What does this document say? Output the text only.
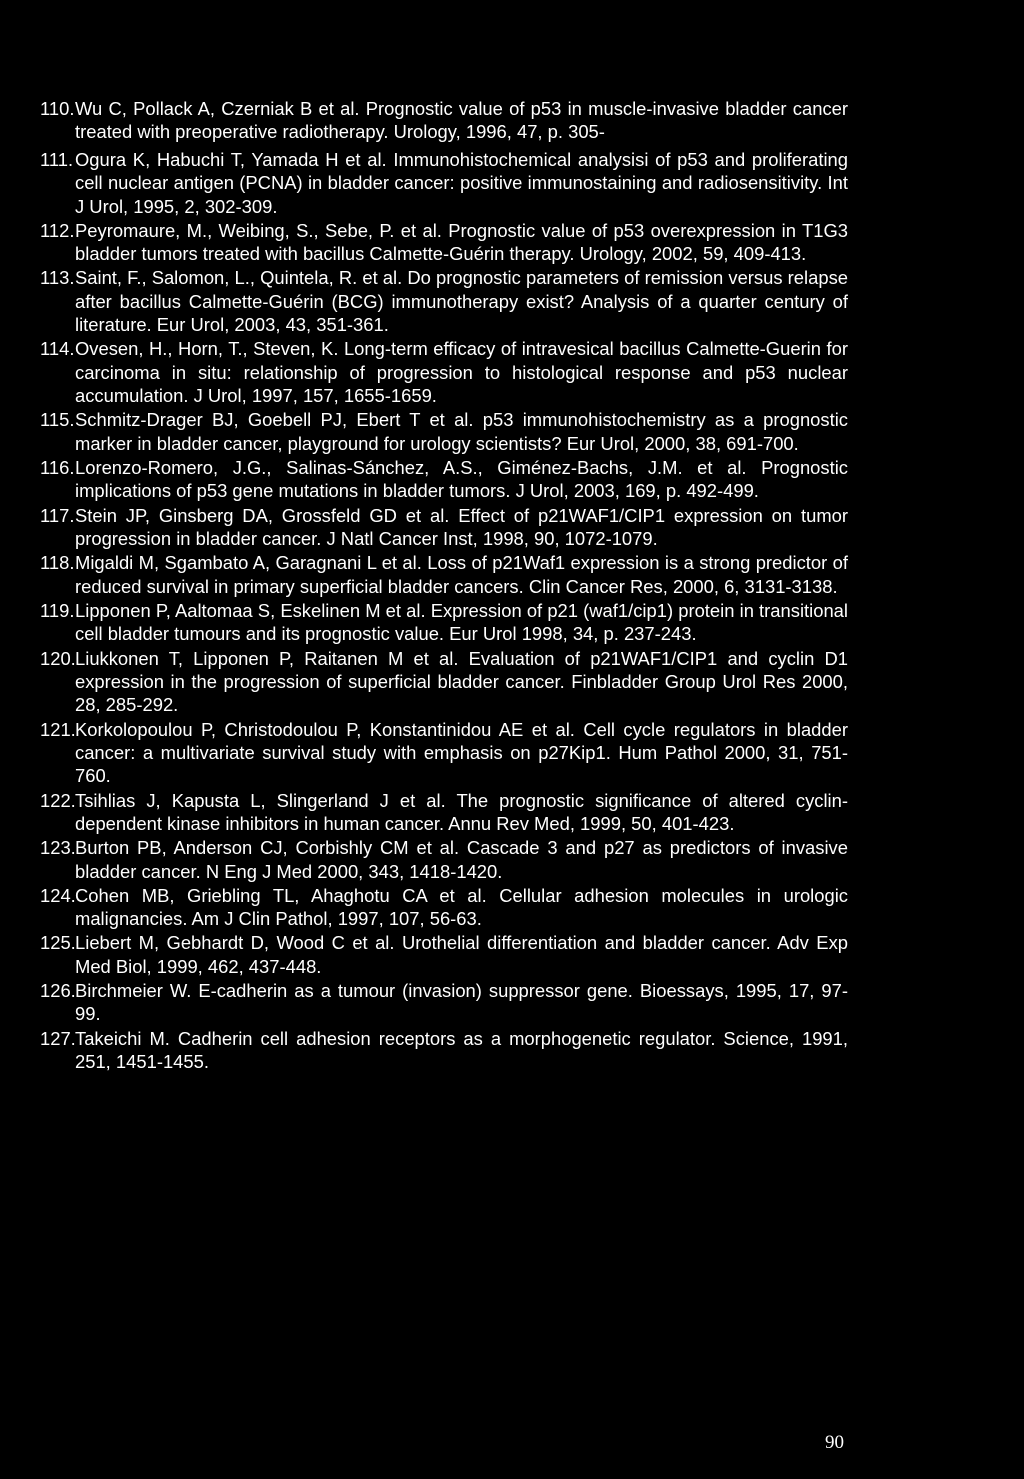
110. Wu C, Pollack A, Czerniak B et al. Prognostic value of p53 in muscle-invasive bladder cancer treated with preoperative radiotherapy. Urology, 1996, 47, p. 305-
111. Ogura K, Habuchi T, Yamada H et al. Immunohistochemical analysisi of p53 and proliferating cell nuclear antigen (PCNA) in bladder cancer: positive immunostaining and radiosensitivity. Int J Urol, 1995, 2, 302-309.
112. Peyromaure, M., Weibing, S., Sebe, P. et al. Prognostic value of p53 overexpression in T1G3 bladder tumors treated with bacillus Calmette-Guérin therapy. Urology, 2002, 59, 409-413.
113. Saint, F., Salomon, L., Quintela, R. et al. Do prognostic parameters of remission versus relapse after bacillus Calmette-Guérin (BCG) immunotherapy exist? Analysis of a quarter century of literature. Eur Urol, 2003, 43, 351-361.
114. Ovesen, H., Horn, T., Steven, K. Long-term efficacy of intravesical bacillus Calmette-Guerin for carcinoma in situ: relationship of progression to histological response and p53 nuclear accumulation. J Urol, 1997, 157, 1655-1659.
115. Schmitz-Drager BJ, Goebell PJ, Ebert T et al. p53 immunohistochemistry as a prognostic marker in bladder cancer, playground for urology scientists? Eur Urol, 2000, 38, 691-700.
116. Lorenzo-Romero, J.G., Salinas-Sánchez, A.S., Giménez-Bachs, J.M. et al. Prognostic implications of p53 gene mutations in bladder tumors. J Urol, 2003, 169, p. 492-499.
117. Stein JP, Ginsberg DA, Grossfeld GD et al. Effect of p21WAF1/CIP1 expression on tumor progression in bladder cancer. J Natl Cancer Inst, 1998, 90, 1072-1079.
118. Migaldi M, Sgambato A, Garagnani L et al. Loss of p21Waf1 expression is a strong predictor of reduced survival in primary superficial bladder cancers. Clin Cancer Res, 2000, 6, 3131-3138.
119. Lipponen P, Aaltomaa S, Eskelinen M et al. Expression of p21 (waf1/cip1) protein in transitional cell bladder tumours and its prognostic value. Eur Urol 1998, 34, p. 237-243.
120. Liukkonen T, Lipponen P, Raitanen M et al. Evaluation of p21WAF1/CIP1 and cyclin D1 expression in the progression of superficial bladder cancer. Finbladder Group Urol Res 2000, 28, 285-292.
121. Korkolopoulou P, Christodoulou P, Konstantinidou AE et al. Cell cycle regulators in bladder cancer: a multivariate survival study with emphasis on p27Kip1. Hum Pathol 2000, 31, 751-760.
122. Tsihlias J, Kapusta L, Slingerland J et al. The prognostic significance of altered cyclin-dependent kinase inhibitors in human cancer. Annu Rev Med, 1999, 50, 401-423.
123. Burton PB, Anderson CJ, Corbishly CM et al. Cascade 3 and p27 as predictors of invasive bladder cancer. N Eng J Med 2000, 343, 1418-1420.
124. Cohen MB, Griebling TL, Ahaghotu CA et al. Cellular adhesion molecules in urologic malignancies. Am J Clin Pathol, 1997, 107, 56-63.
125. Liebert M, Gebhardt D, Wood C et al. Urothelial differentiation and bladder cancer. Adv Exp Med Biol, 1999, 462, 437-448.
126. Birchmeier W. E-cadherin as a tumour (invasion) suppressor gene. Bioessays, 1995, 17, 97-99.
127. Takeichi M. Cadherin cell adhesion receptors as a morphogenetic regulator. Science, 1991, 251, 1451-1455.
90
